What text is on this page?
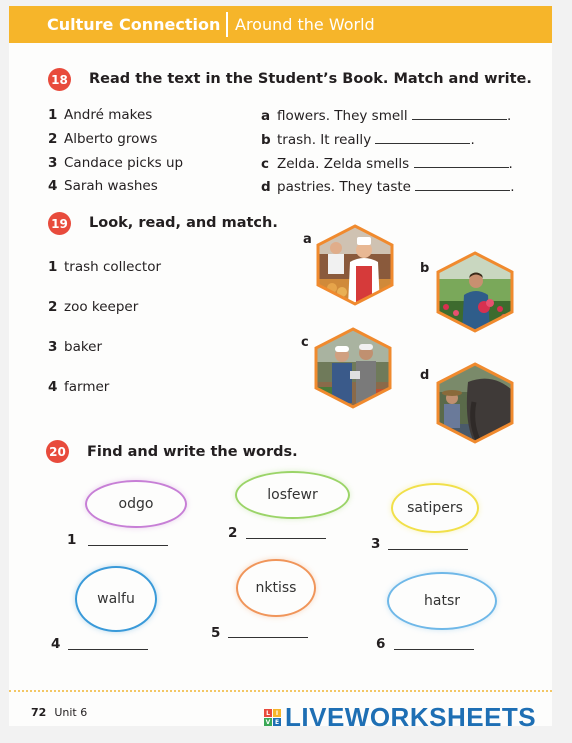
Culture Connection Around the World
18 Read the text in the Student’s Book. Match and write.
1 André makes
2 Alberto grows
3 Candace picks up
4 Sarah washes
a flowers. They smell	.
b trash. It really	.
c Zelda. Zelda smells	.
d pastries. They taste	.
19 Look, read, and match.
1 trash collector
2 zoo keeper
3 baker
4 farmer
a
b
c
d
20 Find and write the words.
odgo
losfewr
satipers
walfu
nktiss
hatsr
1	2
3
4
5
6
72 Unit 6	L I
V E LIVEWORKSHEETS
